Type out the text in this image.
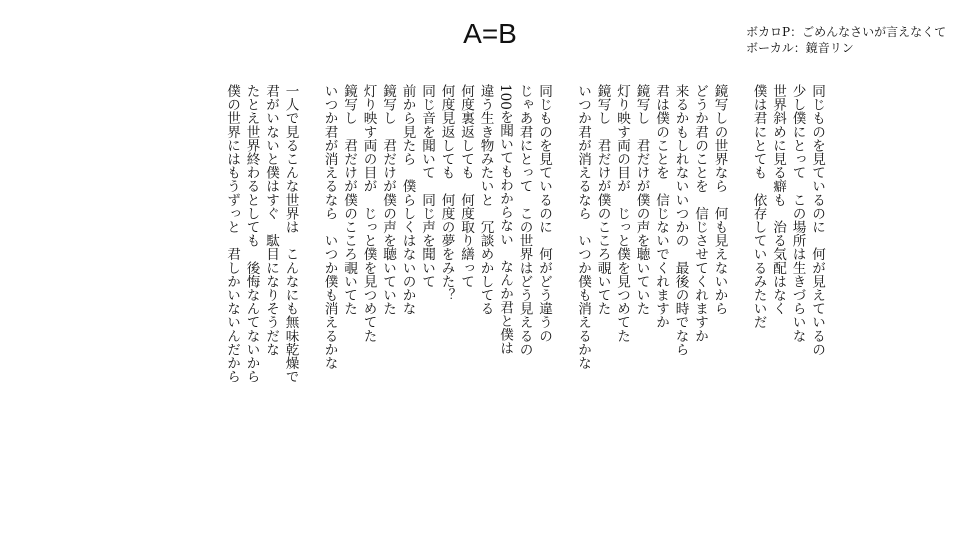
A=B	ボカロP：ごめんなさいが言えなくて
ボーカル：鏡音リン
同じものを見ているのに　何が見えているの
少し僕にとって　この場所は生きづらいな
世界斜めに見る癖も　治る気配はなく
僕は君にとても　依存しているみたいだ
鏡写しの世界なら　何も見えないから
どうか君のことを　信じさせてくれますか
来るかもしれないいつかの　最後の時でなら
君は僕のことを　信じないでくれますか
鏡写し　君だけが僕の声を聴いていた
灯り映す両の目が　じっと僕を見つめてた
鏡写し　君だけが僕のこころ覗いてた
いつか君が消えるなら　いつか僕も消えるかな
同じものを見ているのに　何がどう違うの
じゃあ君にとって　この世界はどう見えるの
100を聞いてもわからない　なんか君と僕は
違う生き物みたいと　冗談めかしてる
何度裏返しても　何度取り繕って
何度見返しても　何度の夢をみた？
同じ音を聞いて　同じ声を聞いて
前から見たら　僕らしくはないのかな
鏡写し　君だけが僕の声を聴いていた
灯り映す両の目が　じっと僕を見つめてた
鏡写し　君だけが僕のこころ覗いてた
いつか君が消えるなら　いつか僕も消えるかな
一人で見るこんな世界は　こんなにも無味乾燥で
君がいないと僕はすぐ　駄目になりそうだな
たとえ世界終わるとしても　後悔なんてないから
僕の世界にはもうずっと　君しかいないんだから
